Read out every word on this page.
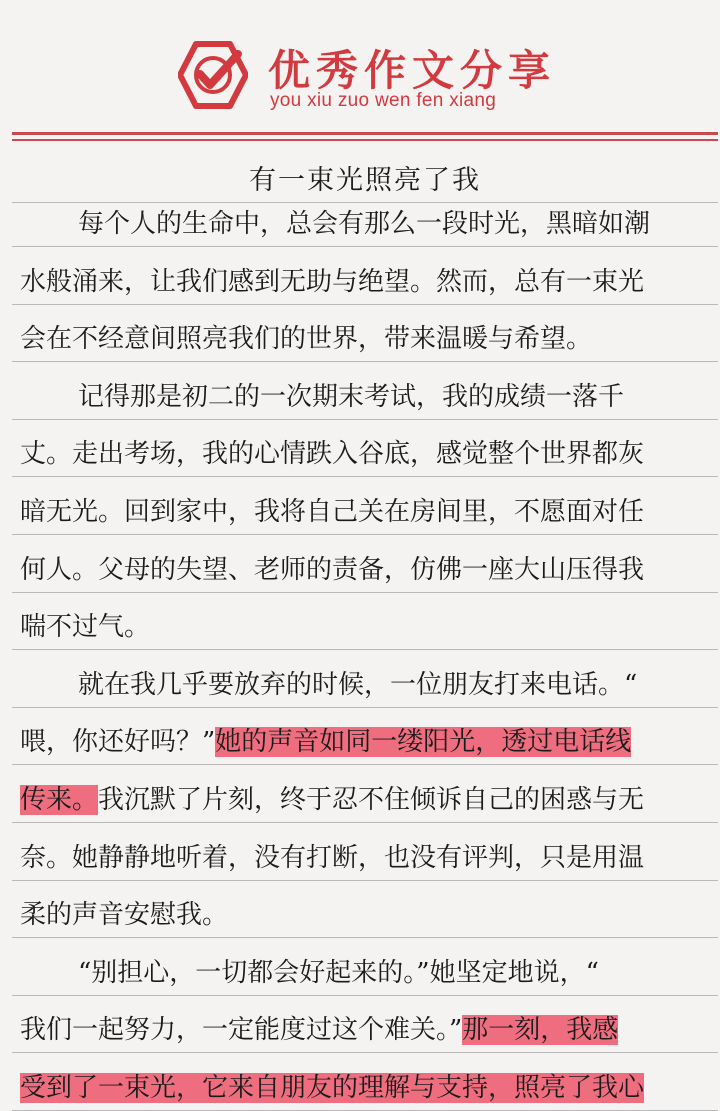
优秀作文分享
you xiu zuo wen fen xiang
有一束光照亮了我
每个人的生命中，总会有那么一段时光，黑暗如潮
水般涌来，让我们感到无助与绝望。然而，总有一束光
会在不经意间照亮我们的世界，带来温暖与希望。
记得那是初二的一次期末考试，我的成绩一落千
丈。走出考场，我的心情跌入谷底，感觉整个世界都灰
暗无光。回到家中，我将自己关在房间里，不愿面对任
何人。父母的失望、老师的责备，仿佛一座大山压得我
喘不过气。
就在我几乎要放弃的时候，一位朋友打来电话。“
喂，你还好吗？”她的声音如同一缕阳光，透过电话线
传来。我沉默了片刻，终于忍不住倾诉自己的困惑与无
奈。她静静地听着，没有打断，也没有评判，只是用温
柔的声音安慰我。
“别担心，一切都会好起来的。”她坚定地说，“
我们一起努力，一定能度过这个难关。”那一刻，我感
受到了一束光，它来自朋友的理解与支持，照亮了我心
